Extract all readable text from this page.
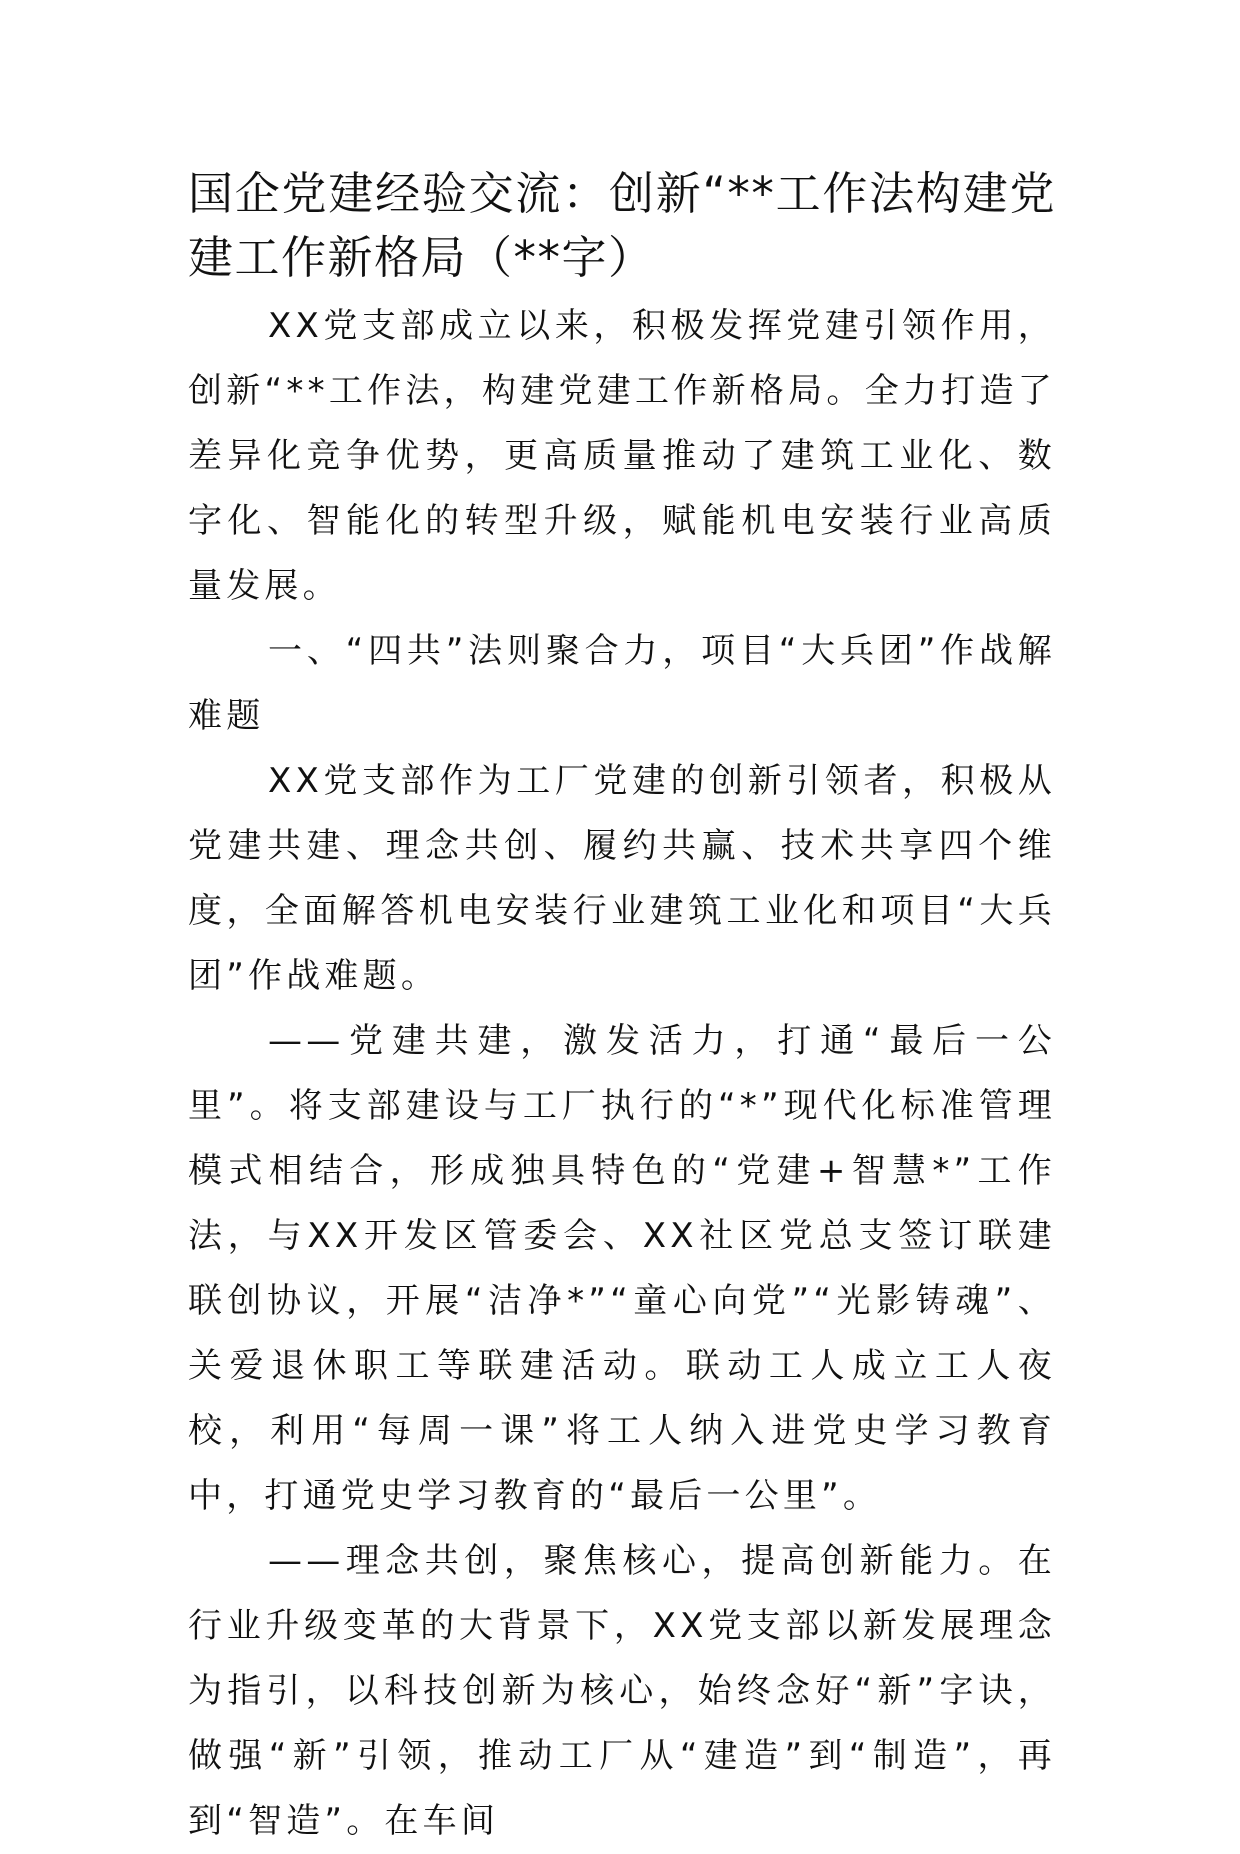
国企党建经验交流：创新“**工作法构建党建工作新格局（**字）

XX党支部成立以来，积极发挥党建引领作用，创新“**工作法，构建党建工作新格局。全力打造了差异化竞争优势，更高质量推动了建筑工业化、数字化、智能化的转型升级，赋能机电安装行业高质量发展。

一、“四共”法则聚合力，项目“大兵团”作战解难题

XX党支部作为工厂党建的创新引领者，积极从党建共建、理念共创、履约共赢、技术共享四个维度，全面解答机电安装行业建筑工业化和项目“大兵团”作战难题。

——党建共建，激发活力，打通“最后一公里”。将支部建设与工厂执行的“*”现代化标准管理模式相结合，形成独具特色的“党建+智慧*”工作法，与XX开发区管委会、XX社区党总支签订联建联创协议，开展“洁净*”“童心向党”“光影铸魂”、关爱退休职工等联建活动。联动工人成立工人夜校，利用“每周一课”将工人纳入进党史学习教育中，打通党史学习教育的“最后一公里”。

——理念共创，聚焦核心，提高创新能力。在行业升级变革的大背景下，XX党支部以新发展理念为指引，以科技创新为核心，始终念好“新”字诀，做强“新”引领，推动工厂从“建造”到“制造”，再到“智造”。在车间
